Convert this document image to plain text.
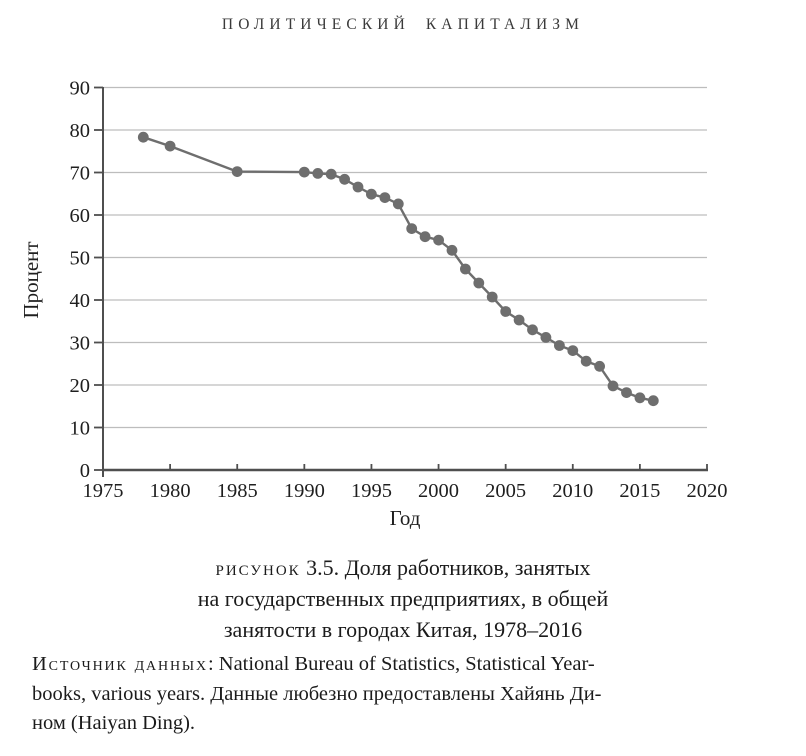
ПОЛИТИЧЕСКИЙ КАПИТАЛИЗМ
0
10
20
30
40
50
60
70
80
90
1975 1980 1985 1990 1995 2000 2005 2010 2015 2020
Год
Процент
рисунок 3.5. Доля работников, занятых
на государственных предприятиях, в общей
занятости в городах Китая, 1978–2016
Источник данных: National Bureau of Statistics, Statistical Year-
books, various years. Данные любезно предоставлены Хайянь Ди-
ном (Haiyan Ding).
